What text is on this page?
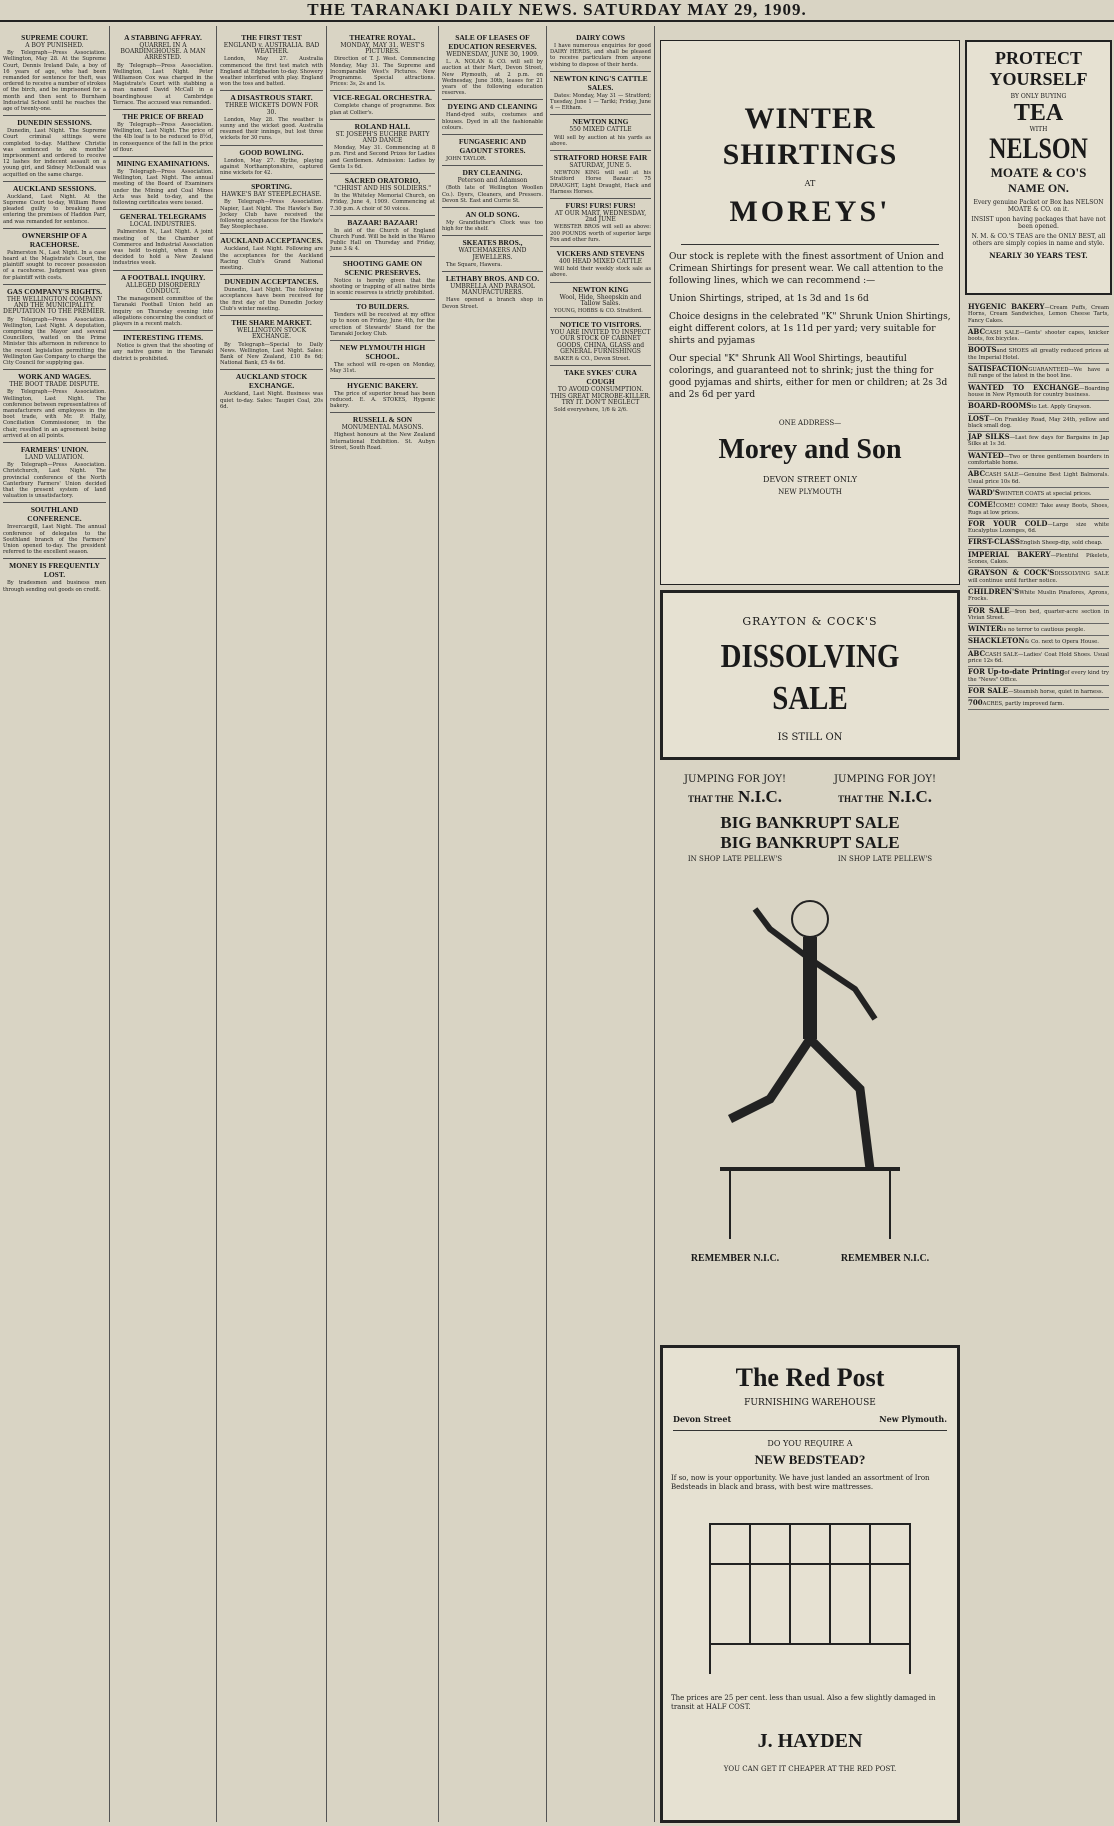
THE TARANAKI DAILY NEWS. SATURDAY MAY 29, 1909.
SUPREME COURT.
A BOY PUNISHED.

By Telegraph—Press Association. Wellington, May 28. At the Supreme Court, Dennis Ireland Dale, a boy of 16 years of age, who had been remanded for sentence for theft, was ordered to receive a number of strokes of the birch, and be imprisoned for a month and then sent to Burnham Industrial School until he reaches the age of twenty-one.

DUNEDIN SESSIONS.

Dunedin, Last Night. The Supreme Court criminal sittings were completed to-day. Matthew Christie was sentenced to six months' imprisonment and ordered to receive 12 lashes for indecent assault on a young girl, and Sidney McDonald was acquitted on the same charge.

AUCKLAND SESSIONS.

Auckland, Last Night. At the Supreme Court to-day, William Rowe pleaded guilty to breaking and entering the premises of Haddon Parr, and was remanded for sentence.

OWNERSHIP OF A RACEHORSE.

Palmerston N., Last Night. In a case heard at the Magistrate's Court, the plaintiff sought to recover possession of a racehorse. Judgment was given for plaintiff with costs.

GAS COMPANY'S RIGHTS.
THE WELLINGTON COMPANY AND THE MUNICIPALITY. DEPUTATION TO THE PREMIER.

By Telegraph—Press Association. Wellington, Last Night. A deputation, comprising the Mayor and several Councillors, waited on the Prime Minister this afternoon in reference to the recent legislation permitting the Wellington Gas Company to charge the City Council for supplying gas.

WORK AND WAGES.
THE BOOT TRADE DISPUTE.

By Telegraph—Press Association. Wellington, Last Night. The conference between representatives of manufacturers and employees in the boot trade, with Mr. P. Hally, Conciliation Commissioner, in the chair, resulted in an agreement being arrived at on all points.

FARMERS' UNION.
LAND VALUATION.

By Telegraph—Press Association. Christchurch, Last Night. The provincial conference of the North Canterbury Farmers' Union decided that the present system of land valuation is unsatisfactory.

SOUTHLAND CONFERENCE.

Invercargill, Last Night. The annual conference of delegates to the Southland branch of the Farmers' Union opened to-day. The president referred to the excellent season.

MONEY IS FREQUENTLY LOST.

By tradesmen and business men through sending out goods on credit.

A STABBING AFFRAY.
QUARREL IN A BOARDINGHOUSE. A MAN ARRESTED.

By Telegraph—Press Association. Wellington, Last Night. Peter Williamson Cox was charged in the Magistrate's Court with stabbing a man named David McCall in a boardinghouse at Cambridge Terrace. The accused was remanded.

THE PRICE OF BREAD

By Telegraph—Press Association. Wellington, Last Night. The price of the 4lb loaf is to be reduced to 8½d, in consequence of the fall in the price of flour.

MINING EXAMINATIONS.

By Telegraph—Press Association. Wellington, Last Night. The annual meeting of the Board of Examiners under the Mining and Coal Mines Acts was held to-day, and the following certificates were issued.

GENERAL TELEGRAMS
LOCAL INDUSTRIES.

Palmerston N., Last Night. A joint meeting of the Chamber of Commerce and Industrial Association was held to-night, when it was decided to hold a New Zealand industries week.

A FOOTBALL INQUIRY.
ALLEGED DISORDERLY CONDUCT.

The management committee of the Taranaki Football Union held an inquiry on Thursday evening into allegations concerning the conduct of players in a recent match.

INTERESTING ITEMS.

Notice is given that the shooting of any native game in the Taranaki district is prohibited.

THE FIRST TEST
ENGLAND v. AUSTRALIA. BAD WEATHER.

London, May 27. Australia commenced the first test match with England at Edgbaston to-day. Showery weather interfered with play. England won the toss and batted.

A DISASTROUS START.
THREE WICKETS DOWN FOR 30.

London, May 28. The weather is sunny and the wicket good. Australia resumed their innings, but lost three wickets for 30 runs.

GOOD BOWLING.

London, May 27. Blythe, playing against Northamptonshire, captured nine wickets for 42.

SPORTING.
HAWKE'S BAY STEEPLECHASE.

By Telegraph—Press Association. Napier, Last Night. The Hawke's Bay Jockey Club have received the following acceptances for the Hawke's Bay Steeplechase.

AUCKLAND ACCEPTANCES.

Auckland, Last Night. Following are the acceptances for the Auckland Racing Club's Grand National meeting.

DUNEDIN ACCEPTANCES.

Dunedin, Last Night. The following acceptances have been received for the first day of the Dunedin Jockey Club's winter meeting.

THE SHARE MARKET.
WELLINGTON STOCK EXCHANGE.

By Telegraph—Special to Daily News. Wellington, Last Night. Sales: Bank of New Zealand, £10 8s 6d; National Bank, £5 4s 6d.

AUCKLAND STOCK EXCHANGE.

Auckland, Last Night. Business was quiet to-day. Sales: Taupiri Coal, 20s 6d.

THEATRE ROYAL.
MONDAY, MAY 31. WEST'S PICTURES.

Direction of T. J. West. Commencing Monday, May 31. The Supreme and Incomparable West's Pictures. New Programme. Special attractions. Prices: 3s, 2s and 1s.

VICE-REGAL ORCHESTRA.

Complete change of programme. Box plan at Collier's.

ROLAND HALL
ST. JOSEPH'S EUCHRE PARTY AND DANCE

Monday, May 31. Commencing at 8 p.m. First and Second Prizes for Ladies and Gentlemen. Admission: Ladies by Gents 1s 6d.

SACRED ORATORIO,
"CHRIST AND HIS SOLDIERS."

In the Whiteley Memorial Church, on Friday, June 4, 1909. Commencing at 7.30 p.m. A choir of 50 voices.

BAZAAR! BAZAAR!

In aid of the Church of England Church Fund. Will be held in the Wareo Public Hall on Thursday and Friday, June 3 & 4.

SHOOTING GAME ON SCENIC PRESERVES.

Notice is hereby given that the shooting or trapping of all native birds in scenic reserves is strictly prohibited.

TO BUILDERS.

Tenders will be received at my office up to noon on Friday, June 4th, for the erection of Stewards' Stand for the Taranaki Jockey Club.

NEW PLYMOUTH HIGH SCHOOL.

The school will re-open on Monday, May 31st.

HYGENIC BAKERY.

The price of superior bread has been reduced. E. A. STOKES, Hygenic bakery.

RUSSELL & SON
MONUMENTAL MASONS.

Highest honours at the New Zealand International Exhibition. St. Aubyn Street, South Road.

SALE OF LEASES OF EDUCATION RESERVES.
WEDNESDAY, JUNE 30, 1909.

L. A. NOLAN & CO. will sell by auction at their Mart, Devon Street, New Plymouth, at 2 p.m. on Wednesday, June 30th, leases for 21 years of the following education reserves.

DYEING AND CLEANING

Hand-dyed suits, costumes and blouses. Dyed in all the fashionable colours.

FUNGASERIC AND GAOUNT STORES.

JOHN TAYLOR.

DRY CLEANING.
Peterson and Adamson

(Both late of Wellington Woollen Co.). Dyers, Cleaners, and Pressers. Devon St. East and Currie St.

AN OLD SONG.

My Grandfather's Clock was too high for the shelf.

SKEATES BROS.,
WATCHMAKERS AND JEWELLERS.

The Square, Hawera.

LETHABY BROS. AND CO.
UMBRELLA AND PARASOL MANUFACTURERS.

Have opened a branch shop in Devon Street.

DAIRY COWS

I have numerous enquiries for good DAIRY HERDS, and shall be pleased to receive particulars from anyone wishing to dispose of their herds.

NEWTON KING'S CATTLE SALES.

Dates: Monday, May 31 — Stratford; Tuesday, June 1 — Tariki; Friday, June 4 — Eltham.

NEWTON KING
550 MIXED CATTLE

Will sell by auction at his yards as above.

STRATFORD HORSE FAIR
SATURDAY, JUNE 5.

NEWTON KING will sell at his Stratford Horse Bazaar: 75 DRAUGHT, Light Draught, Hack and Harness Horses.

FURS! FURS! FURS!
AT OUR MART, WEDNESDAY, 2nd JUNE

WEBSTER BROS will sell as above: 200 POUNDS worth of superior large Fox and other furs.

VICKERS AND STEVENS
400 HEAD MIXED CATTLE

Will hold their weekly stock sale as above.

NEWTON KING
Wool, Hide, Sheepskin and Tallow Sales.

YOUNG, HOBBS & CO. Stratford.

NOTICE TO VISITORS.
YOU ARE INVITED TO INSPECT OUR STOCK OF CABINET GOODS, CHINA, GLASS and GENERAL FURNISHINGS

BAKER & CO., Devon Street.

TAKE SYKES' CURA COUGH
TO AVOID CONSUMPTION. THIS GREAT MICROBE-KILLER. TRY IT. DON'T NEGLECT

Sold everywhere, 1/6 & 2/6.

WINTER SHIRTINGS
AT
MOREYS'

Our stock is replete with the finest assortment of Union and Crimean Shirtings for present wear. We call attention to the following lines, which we can recommend :—

Union Shirtings, striped, at 1s 3d and 1s 6d

Choice designs in the celebrated "K" Shrunk Union Shirtings, eight different colors, at 1s 11d per yard; very suitable for shirts and pyjamas

Our special "K" Shrunk All Wool Shirtings, beautiful colorings, and guaranteed not to shrink; just the thing for good pyjamas and shirts, either for men or children; at 2s 3d and 2s 6d per yard

ONE ADDRESS—
Morey and Son
DEVON STREET ONLY
NEW PLYMOUTH
GRAYTON & COCK'S
DISSOLVING SALE
IS STILL ON
JUMPING FOR JOY!	JUMPING FOR JOY!
THAT THE N.I.C.	THAT THE N.I.C.
BIG BANKRUPT SALE
BIG BANKRUPT SALE
IN SHOP LATE PELLEW'S	IN SHOP LATE PELLEW'S
REMEMBER N.I.C.	REMEMBER N.I.C.
The Red Post
FURNISHING WAREHOUSE
Devon Street	New Plymouth.
DO YOU REQUIRE A
NEW BEDSTEAD?

If so, now is your opportunity. We have just landed an assortment of Iron Bedsteads in black and brass, with best wire mattresses.

The prices are 25 per cent. less than usual. Also a few slightly damaged in transit at HALF COST.

J. HAYDEN
YOU CAN GET IT CHEAPER AT THE RED POST.
PROTECT
YOURSELF
BY ONLY BUYING
TEA
WITH
NELSON
MOATE & CO'S
NAME ON.
Every genuine Packet or Box has NELSON MOATE & CO. on it.
INSIST upon having packages that have not been opened.
N. M. & CO.'S TEAS are the ONLY BEST, all others are simply copies in name and style.
NEARLY 30 YEARS TEST.
HYGENIC BAKERY—Cream Puffs, Cream Horns, Cream Sandwiches, Lemon Cheese Tarts, Fancy Cakes.
ABCCASH SALE—Gents' shooter capes, knicker boots, fox bicycles.
BOOTSand SHOES all greatly reduced prices at the Imperial Hotel.
SATISFACTIONGUARANTEED—We have a full range of the latest in the boot line.
WANTED TO EXCHANGE—Boarding house in New Plymouth for country business.
BOARD-ROOMSto Let. Apply Grayson.
LOST—On Frankley Road, May 24th, yellow and black small dog.
JAP SILKS—Last few days for Bargains in Jap Silks at 1s 3d.
WANTED—Two or three gentlemen boarders in comfortable home.
ABCCASH SALE—Genuine Best Light Balmorals. Usual price 10s 6d.
WARD'SWINTER COATS at special prices.
COME!COME! COME! Take away Boots, Shoes, Rugs at low prices.
FOR YOUR COLD—Large size white Eucalyptus Lozenges, 6d.
FIRST-CLASSEnglish Sheep-dip, sold cheap.
IMPERIAL BAKERY—Plentiful Pikelets, Scones, Cakes.
GRAYSON & COCK'SDISSOLVING SALE will continue until further notice.
CHILDREN'SWhite Muslin Pinafores, Aprons, Frocks.
FOR SALE—Iron bed, quarter-acre section in Vivian Street.
WINTERis no terror to cautious people.
SHACKLETON& Co. next to Opera House.
ABCCASH SALE—Ladies' Coat Hold Shoes. Usual price 12s 6d.
FOR Up-to-date Printingof every kind try the "News" Office.
FOR SALE—Steamish horse, quiet in harness.
700ACRES, partly improved farm.
